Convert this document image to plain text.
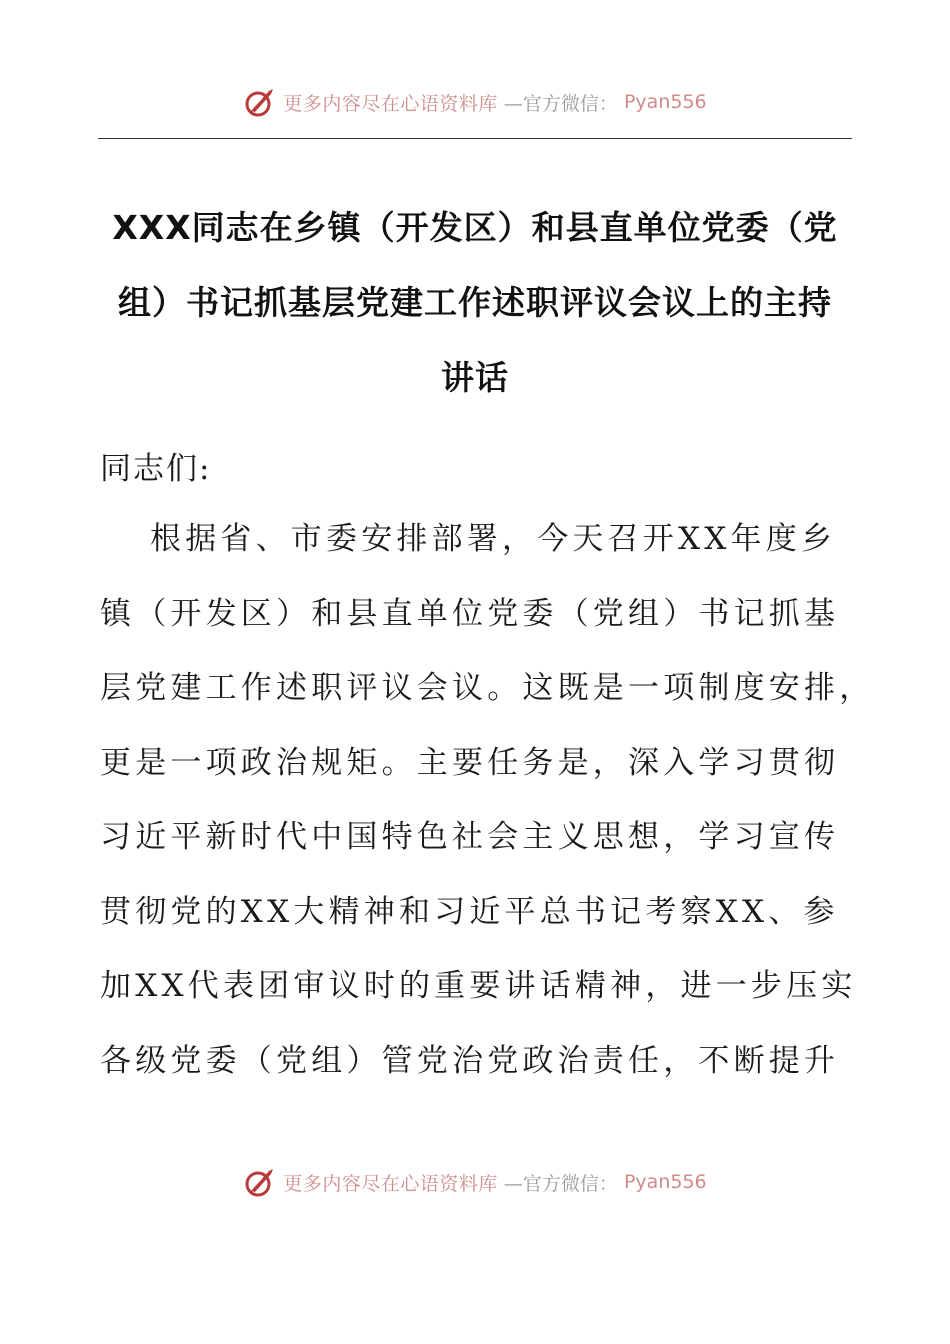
更多内容尽在心语资料库 —官方微信： Pyan556
XXX同志在乡镇（开发区）和县直单位党委（党
组）书记抓基层党建工作述职评议会议上的主持
讲话
同志们:
根据省、市委安排部署，今天召开XX年度乡
镇（开发区）和县直单位党委（党组）书记抓基
层党建工作述职评议会议。这既是一项制度安排，
更是一项政治规矩。主要任务是，深入学习贯彻
习近平新时代中国特色社会主义思想，学习宣传
贯彻党的XX大精神和习近平总书记考察XX、参
加XX代表团审议时的重要讲话精神，进一步压实
各级党委（党组）管党治党政治责任，不断提升
更多内容尽在心语资料库 —官方微信： Pyan556
